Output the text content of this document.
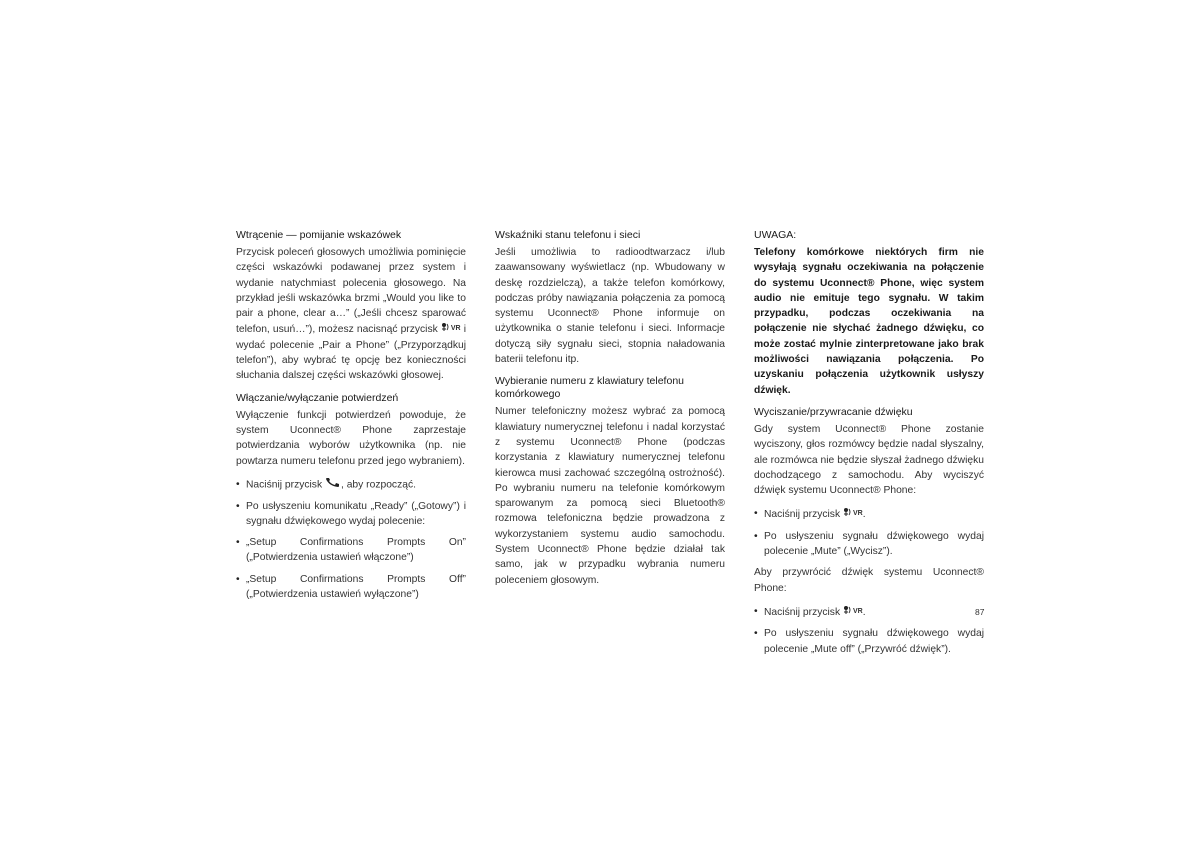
Wtrącenie — pomijanie wskazówek

Przycisk poleceń głosowych umożliwia pominięcie części wskazówki podawanej przez system i wydanie natychmiast polecenia głosowego. Na przykład jeśli wskazówka brzmi „Would you like to pair a phone, clear a…” („Jeśli chcesz sparować telefon, usuń…”), możesz nacisnąć przycisk VR i wydać polecenie „Pair a Phone” („Przyporządkuj telefon”), aby wybrać tę opcję bez konieczności słuchania dalszej części wskazówki głosowej.

Włączanie/wyłączanie potwierdzeń

Wyłączenie funkcji potwierdzeń powoduje, że system Uconnect® Phone zaprzestaje potwierdzania wyborów użytkownika (np. nie powtarza numeru telefonu przed jego wybraniem).

• Naciśnij przycisk , aby rozpocząć.
• Po usłyszeniu komunikatu „Ready” („Gotowy”) i sygnału dźwiękowego wydaj polecenie:
• „Setup Confirmations Prompts On” („Potwierdzenia ustawień włączone”)
• „Setup Confirmations Prompts Off” („Potwierdzenia ustawień wyłączone”)
Wskaźniki stanu telefonu i sieci

Jeśli umożliwia to radioodtwarzacz i/lub zaawansowany wyświetlacz (np. Wbudowany w deskę rozdzielczą), a także telefon komórkowy, podczas próby nawiązania połączenia za pomocą systemu Uconnect® Phone informuje on użytkownika o stanie telefonu i sieci. Informacje dotyczą siły sygnału sieci, stopnia naładowania baterii telefonu itp.

Wybieranie numeru z klawiatury telefonu komórkowego

Numer telefoniczny możesz wybrać za pomocą klawiatury numerycznej telefonu i nadal korzystać z systemu Uconnect® Phone (podczas korzystania z klawiatury numerycznej telefonu kierowca musi zachować szczególną ostrożność). Po wybraniu numeru na telefonie komórkowym sparowanym za pomocą sieci Bluetooth® rozmowa telefoniczna będzie prowadzona z wykorzystaniem systemu audio samochodu. System Uconnect® Phone będzie działał tak samo, jak w przypadku wybrania numeru poleceniem głosowym.

UWAGA:

Telefony komórkowe niektórych firm nie wysyłają sygnału oczekiwania na połączenie do systemu Uconnect® Phone, więc system audio nie emituje tego sygnału. W takim przypadku, podczas oczekiwania na połączenie nie słychać żadnego dźwięku, co może zostać mylnie zinterpretowane jako brak możliwości nawiązania połączenia. Po uzyskaniu połączenia użytkownik usłyszy dźwięk.

Wyciszanie/przywracanie dźwięku

Gdy system Uconnect® Phone zostanie wyciszony, głos rozmówcy będzie nadal słyszalny, ale rozmówca nie będzie słyszał żadnego dźwięku dochodzącego z samochodu. Aby wyciszyć dźwięk systemu Uconnect® Phone:

• Naciśnij przycisk VR.
• Po usłyszeniu sygnału dźwiękowego wydaj polecenie „Mute” („Wycisz”).

Aby przywrócić dźwięk systemu Uconnect® Phone:

• Naciśnij przycisk VR.
• Po usłyszeniu sygnału dźwiękowego wydaj polecenie „Mute off” („Przywróć dźwięk”).
87
